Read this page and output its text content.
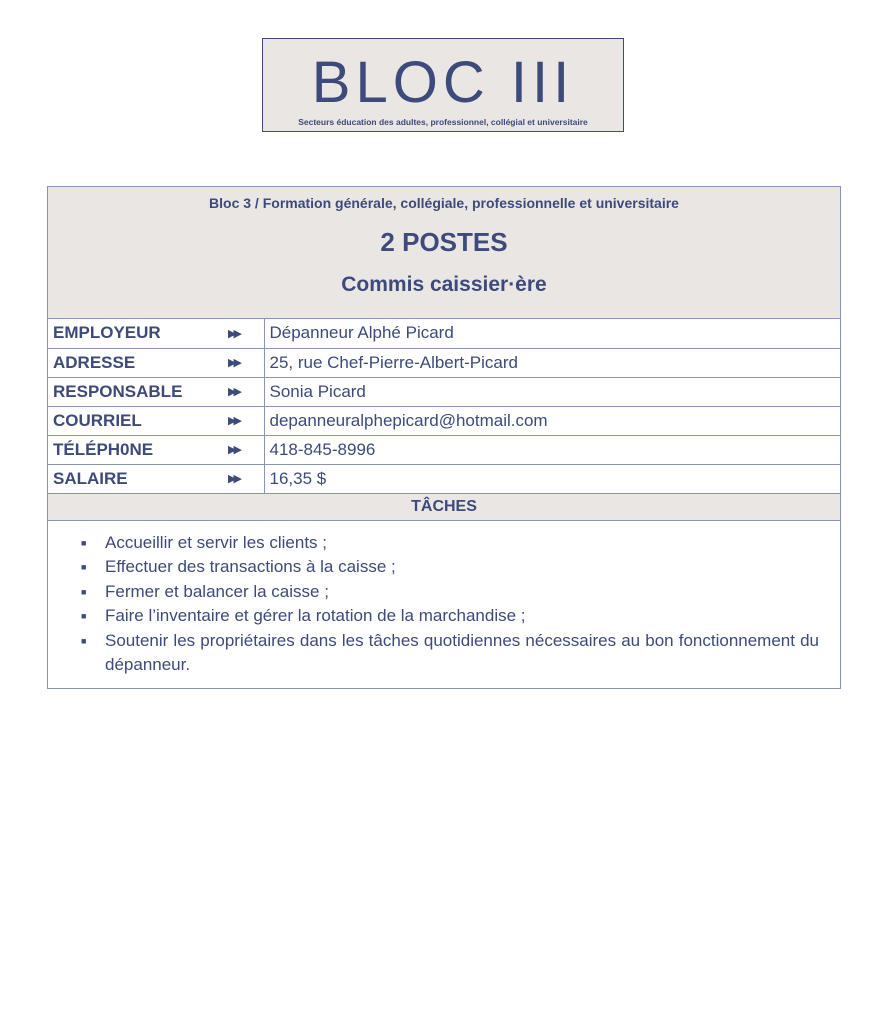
BLOC III
Secteurs éducation des adultes, professionnel, collégial et universitaire
Bloc 3 / Formation générale, collégiale, professionnelle et universitaire
2 POSTES
Commis caissier·ère
EMPLOYEUR	▶▶	Dépanneur Alphé Picard
ADRESSE	▶▶	25, rue Chef-Pierre-Albert-Picard
RESPONSABLE	▶▶	Sonia Picard
COURRIEL	▶▶	depanneuralphepicard@hotmail.com
TÉLÉPH0NE	▶▶	418-845-8996
SALAIRE	▶▶	16,35 $
TÂCHES
■ Accueillir et servir les clients ;
■ Effectuer des transactions à la caisse ;
■ Fermer et balancer la caisse ;
■ Faire l’inventaire et gérer la rotation de la marchandise ;
■ Soutenir les propriétaires dans les tâches quotidiennes nécessaires au bon fonctionnement du dépanneur.
